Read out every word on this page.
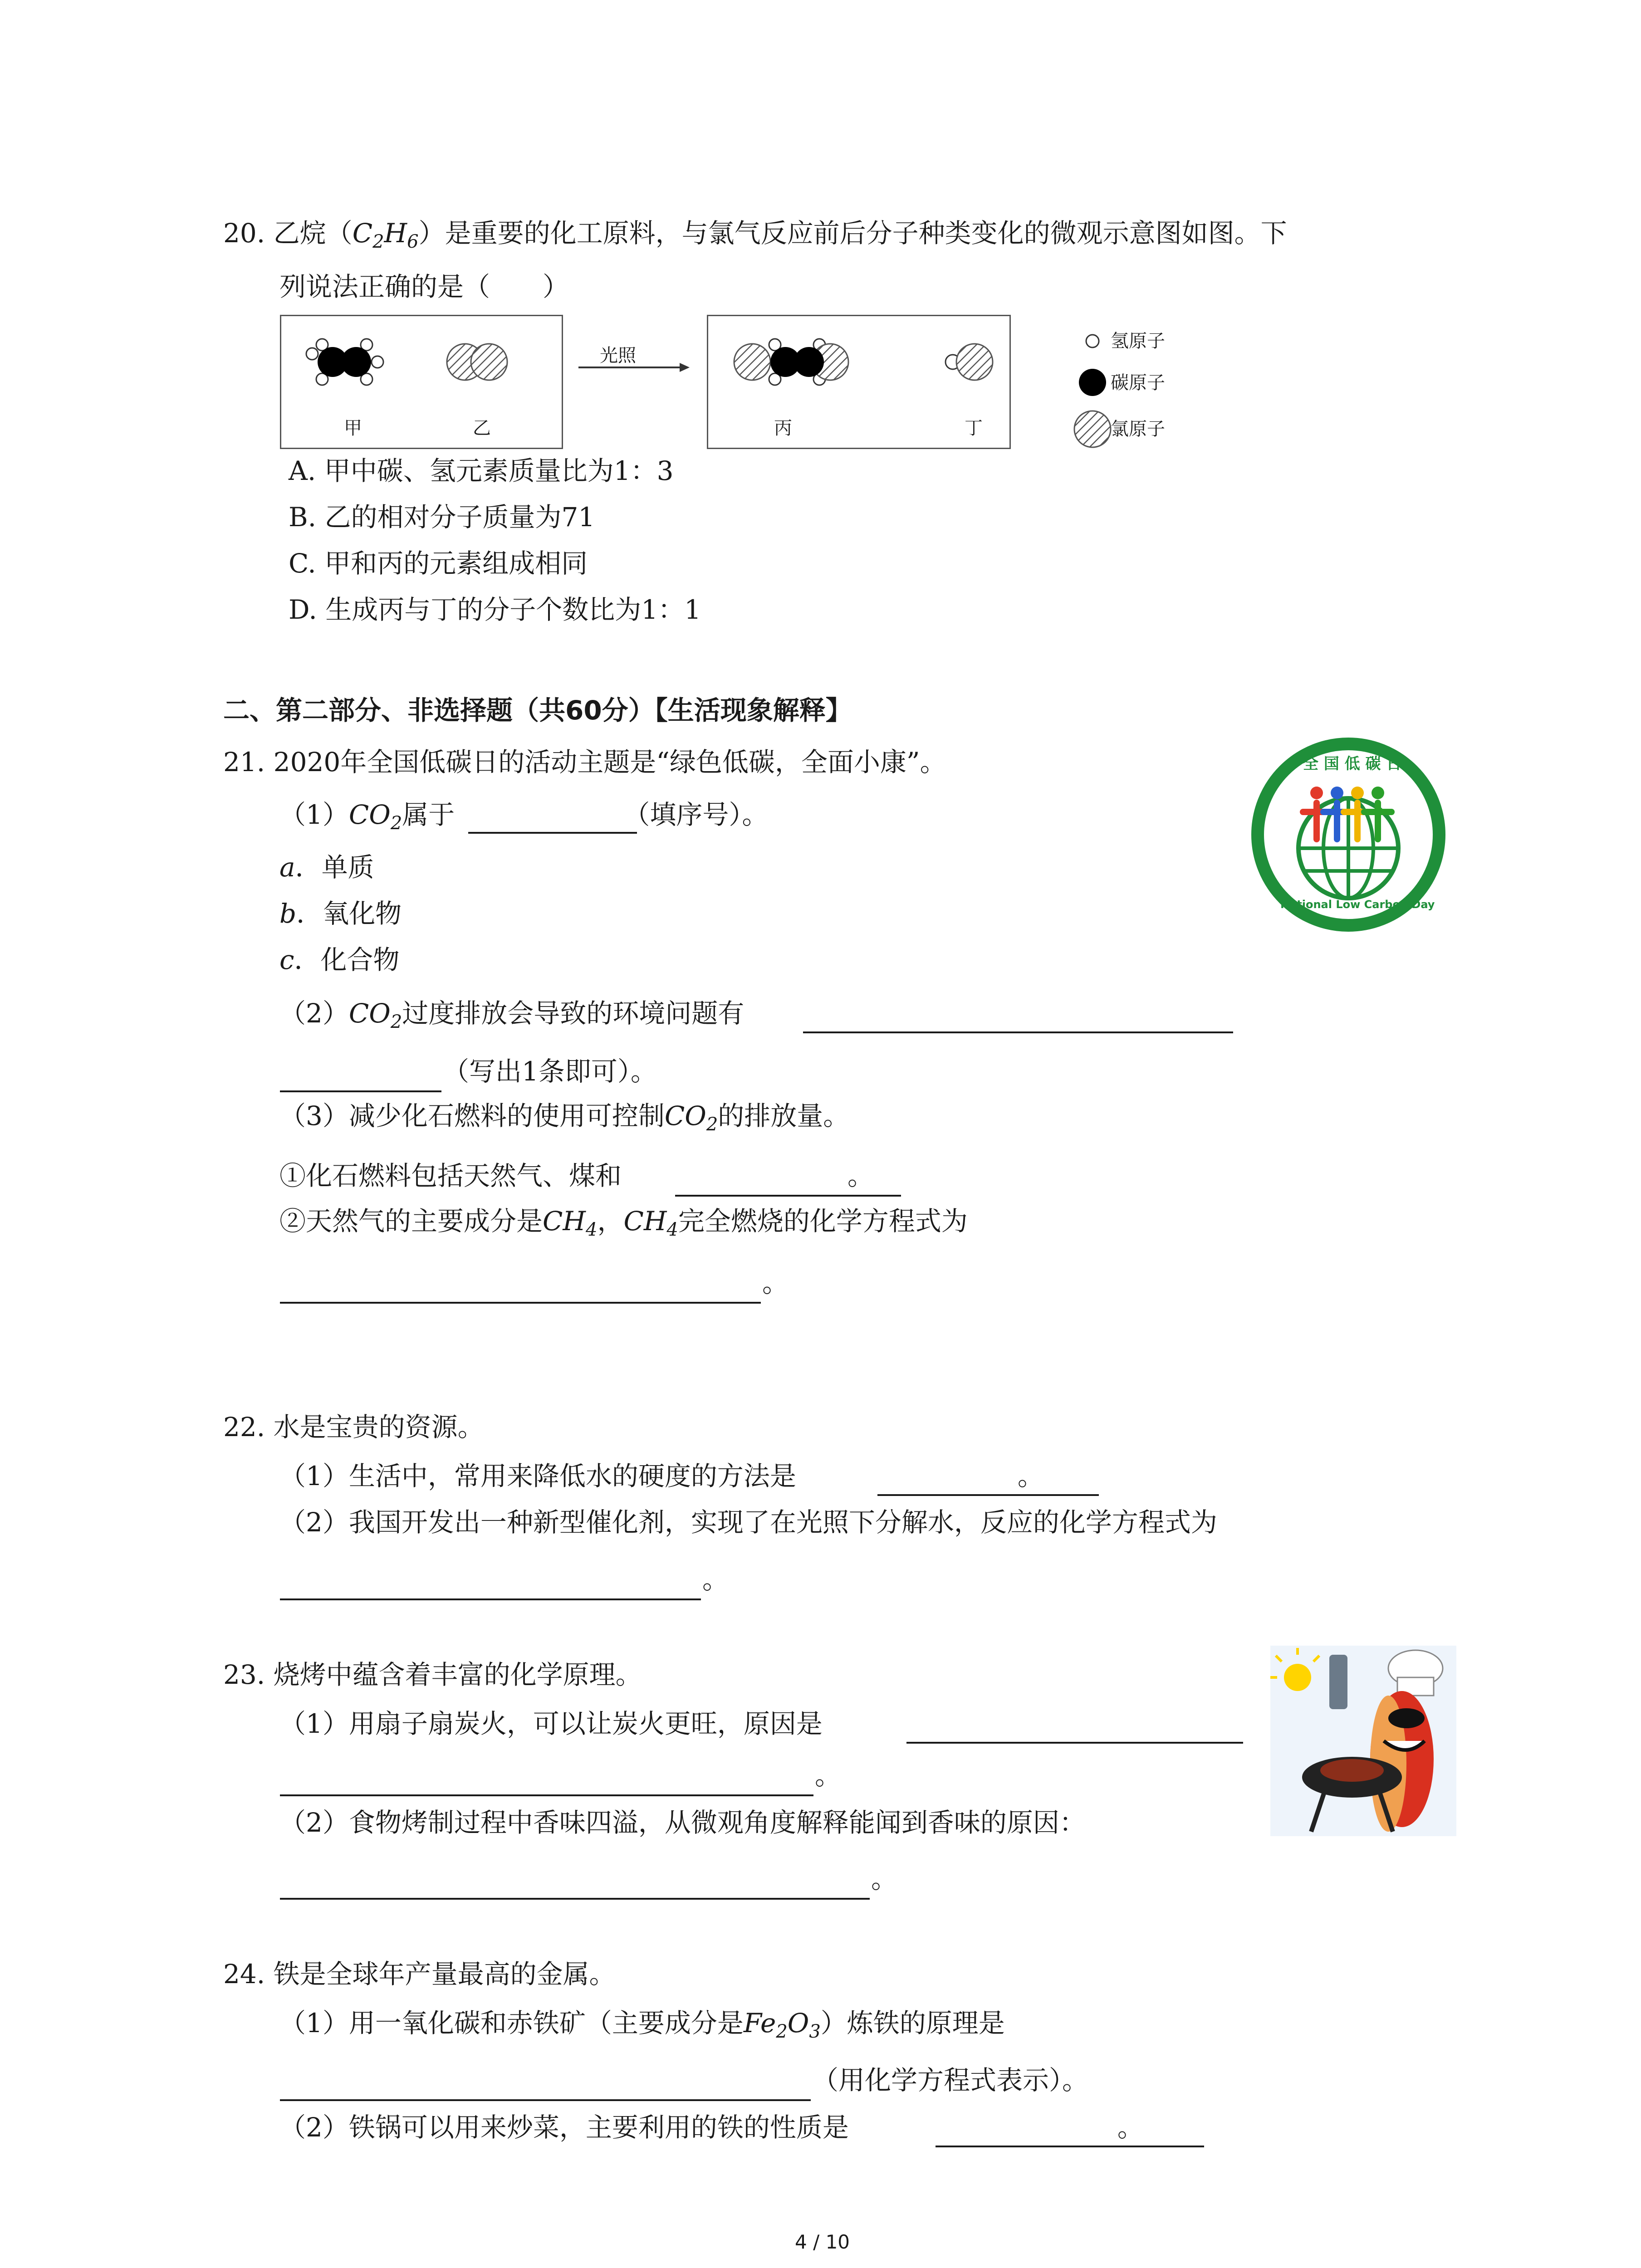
20. 乙烷$(C_2H_6)$是重要的化工原料，与氯气反应前后分子种类变化的微观示意图如图。下
列说法正确的是（　　）
光照
甲	乙	丙	丁
氢原子
碳原子
氯原子
A. 甲中碳、氢元素质量比为1：3
B. 乙的相对分子质量为71
C. 甲和丙的元素组成相同
D. 生成丙与丁的分子个数比为1：1
二、第二部分、非选择题（共60分）【生活现象解释】
21. 2020年全国低碳日的活动主题是“绿色低碳，全面小康”。
$(1)CO_2$属于	（填序号）。
a．单质
b．氧化物
c．化合物
$(2)CO_2$过度排放会导致的环境问题有
（写出1条即可）。
（3）减少化石燃料的使用可控制$CO_2$的排放量。
①化石燃料包括天然气、煤和	。
②天然气的主要成分是$CH_4$，$CH_4$完全燃烧的化学方程式为
。
全 国 低 碳 日
National Low Carbon Day
22. 水是宝贵的资源。
（1）生活中，常用来降低水的硬度的方法是	。
（2）我国开发出一种新型催化剂，实现了在光照下分解水，反应的化学方程式为
。
23. 烧烤中蕴含着丰富的化学原理。
（1）用扇子扇炭火，可以让炭火更旺，原因是
。
（2）食物烤制过程中香味四溢，从微观角度解释能闻到香味的原因：
。
24. 铁是全球年产量最高的金属。
（1）用一氧化碳和赤铁矿（主要成分是$Fe_2O_3$）炼铁的原理是
（用化学方程式表示）。
（2）铁锅可以用来炒菜，主要利用的铁的性质是	。
4 / 10
